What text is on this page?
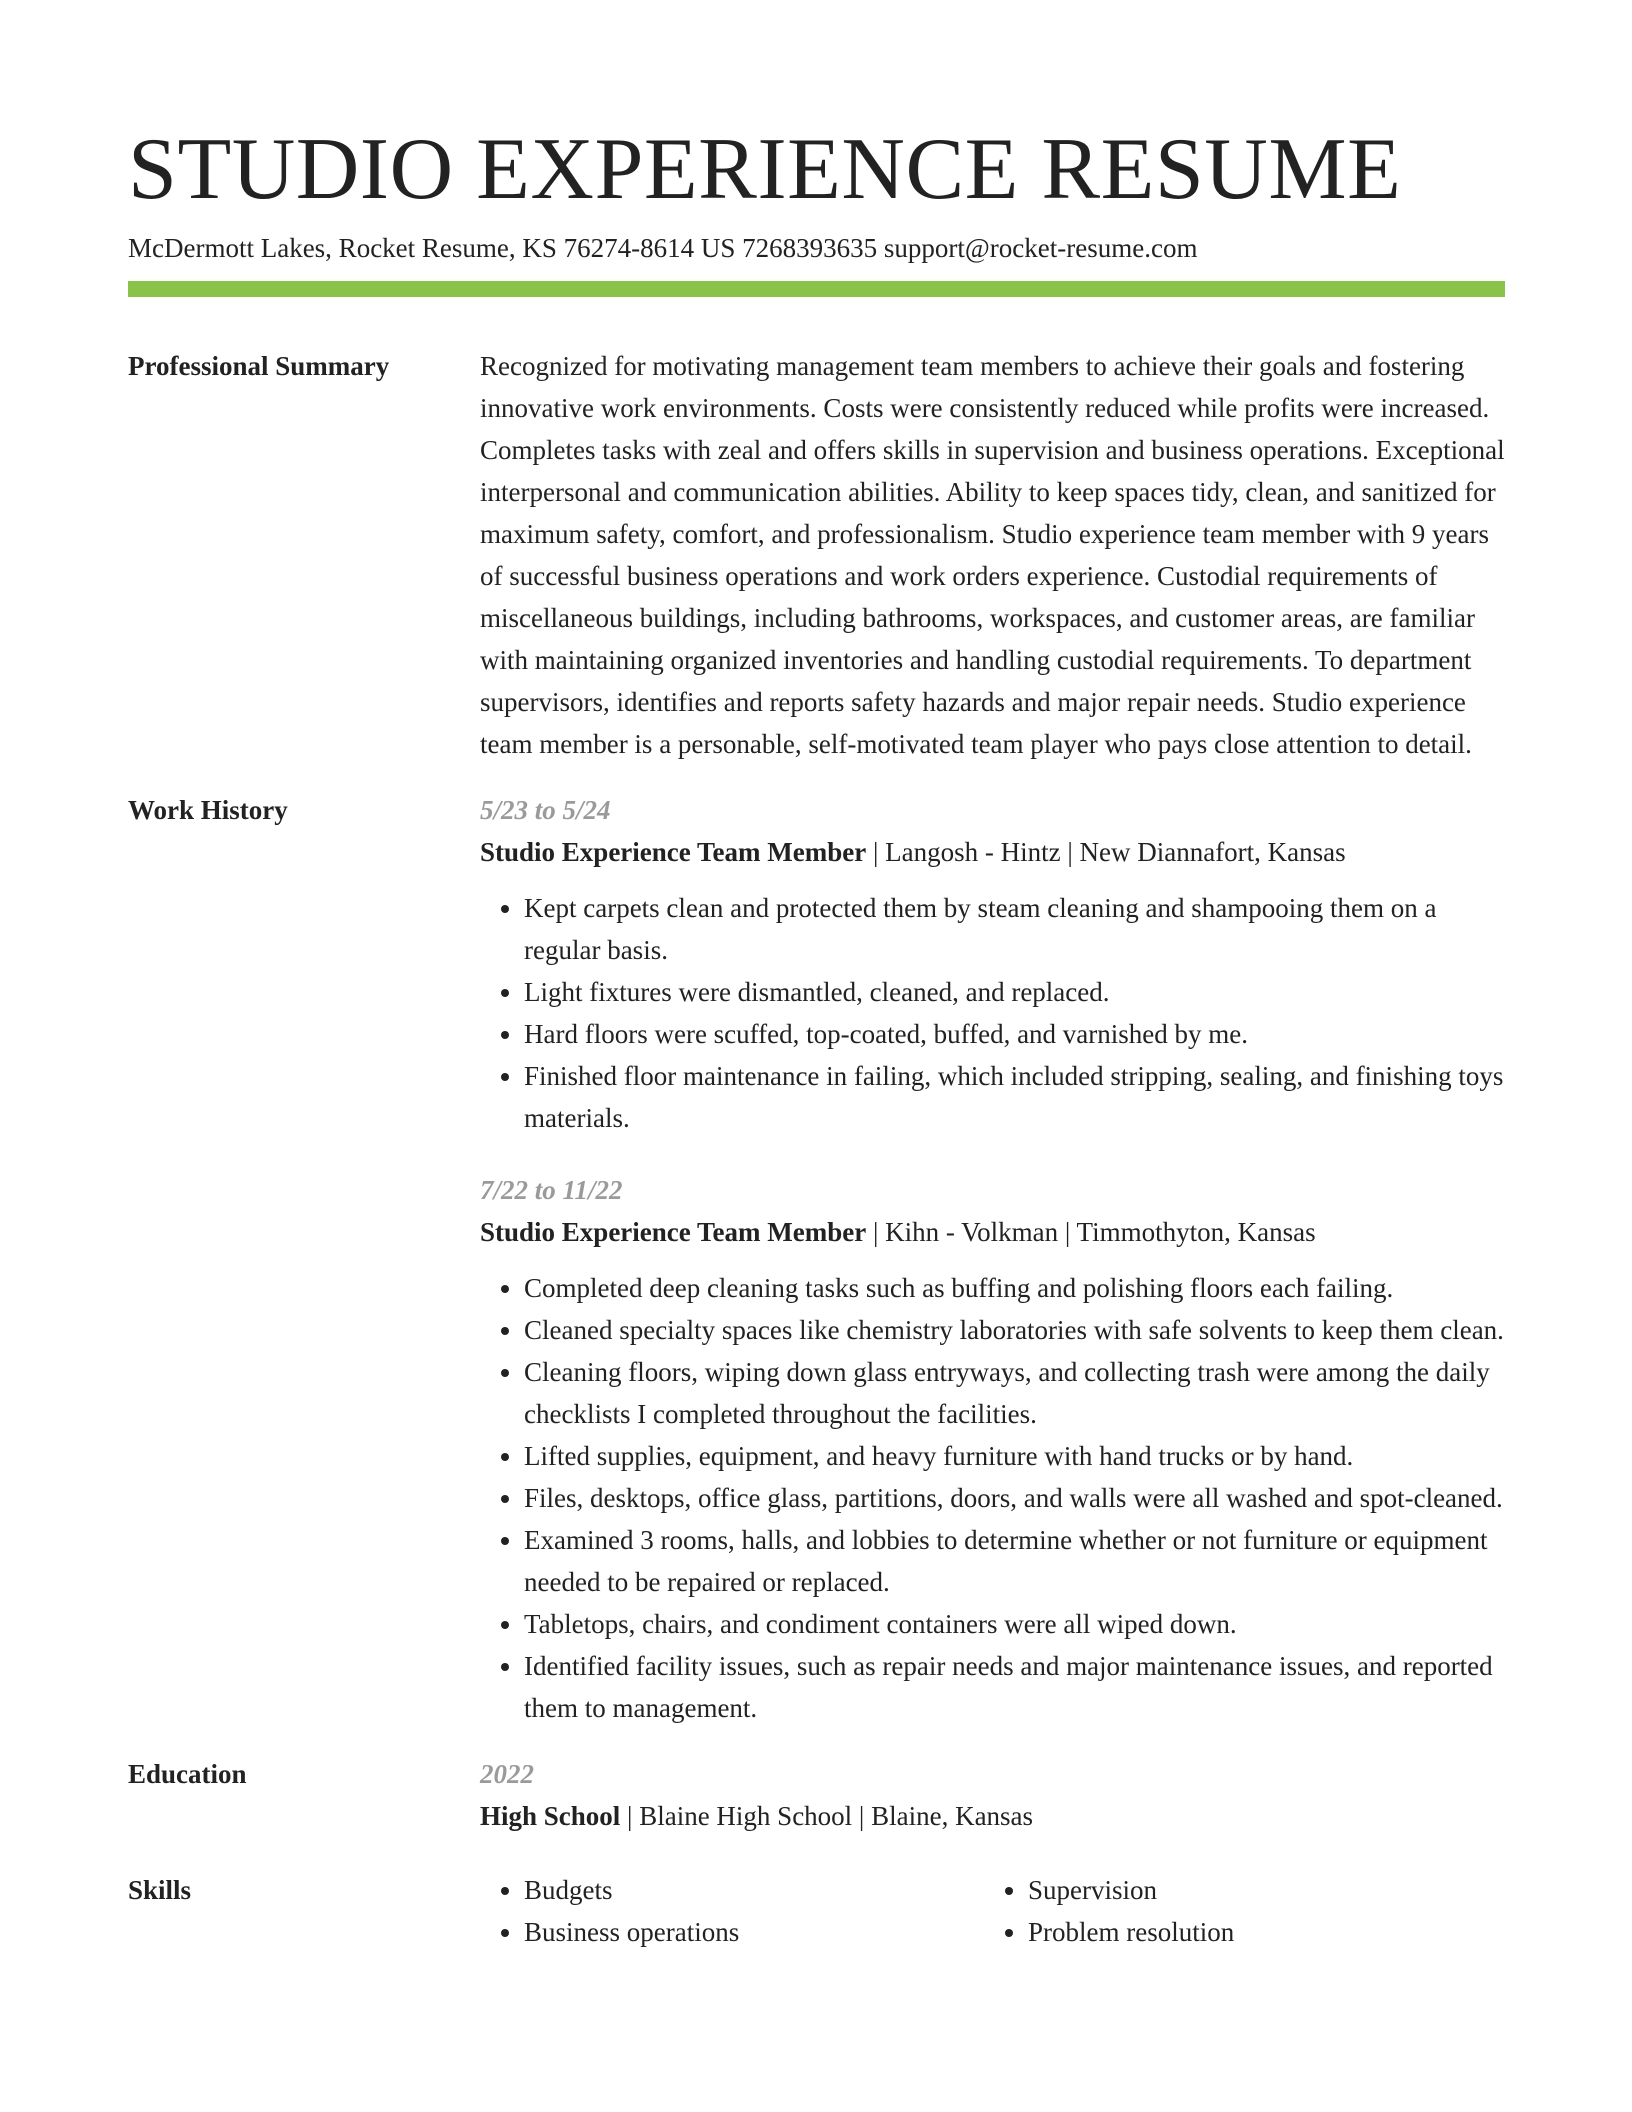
STUDIO EXPERIENCE RESUME
McDermott Lakes, Rocket Resume, KS 76274-8614 US 7268393635 support@rocket-resume.com
Professional Summary	Recognized for motivating management team members to achieve their goals and fostering innovative work environments. Costs were consistently reduced while profits were increased. Completes tasks with zeal and offers skills in supervision and business operations. Exceptional interpersonal and communication abilities. Ability to keep spaces tidy, clean, and sanitized for maximum safety, comfort, and professionalism. Studio experience team member with 9 years of successful business operations and work orders experience. Custodial requirements of miscellaneous buildings, including bathrooms, workspaces, and customer areas, are familiar with maintaining organized inventories and handling custodial requirements. To department supervisors, identifies and reports safety hazards and major repair needs. Studio experience team member is a personable, self-motivated team player who pays close attention to detail.

Work History	5/23 to 5/24
Studio Experience Team Member | Langosh - Hintz | New Diannafort, Kansas
• Kept carpets clean and protected them by steam cleaning and shampooing them on a regular basis.
• Light fixtures were dismantled, cleaned, and replaced.
• Hard floors were scuffed, top-coated, buffed, and varnished by me.
• Finished floor maintenance in failing, which included stripping, sealing, and finishing toys materials.
7/22 to 11/22
Studio Experience Team Member | Kihn - Volkman | Timmothyton, Kansas
• Completed deep cleaning tasks such as buffing and polishing floors each failing.
• Cleaned specialty spaces like chemistry laboratories with safe solvents to keep them clean.
• Cleaning floors, wiping down glass entryways, and collecting trash were among the daily checklists I completed throughout the facilities.
• Lifted supplies, equipment, and heavy furniture with hand trucks or by hand.
• Files, desktops, office glass, partitions, doors, and walls were all washed and spot-cleaned.
• Examined 3 rooms, halls, and lobbies to determine whether or not furniture or equipment needed to be repaired or replaced.
• Tabletops, chairs, and condiment containers were all wiped down.
• Identified facility issues, such as repair needs and major maintenance issues, and reported them to management.
Education	2022
High School | Blaine High School | Blaine, Kansas
Skills
•	Budgets
• Business operations
• Supervision
• Problem resolution
